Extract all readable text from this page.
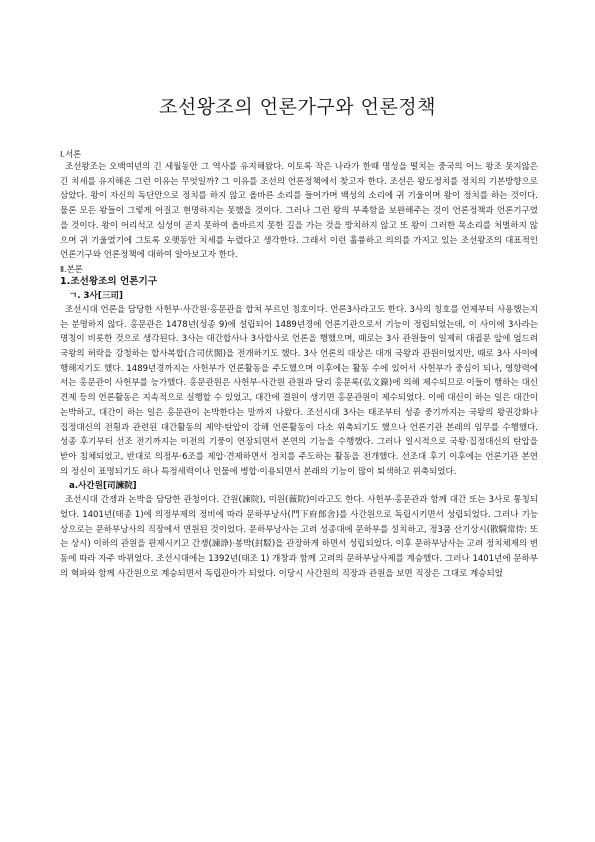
조선왕조의 언론가구와 언론정책
Ⅰ.서론
조선왕조는 오백여년의 긴 세월동안 그 역사를 유지해왔다. 이토록 작은 나라가 한때 명성을 떨치는 중국의 어느 왕조 못지않은 긴 치세를 유지해온 그런 이유는 무엇일까? 그 이유를 조선의 언론정책에서 찾고자 한다. 조선은 왕도정치를 정치의 기본방향으로 삼았다. 왕이 자신의 독단만으로 정치를 하지 않고 올바른 소리를 들어가며 백성의 소리에 귀 기울이며 왕이 정치를 하는 것이다. 물론 모든 왕들이 그렇게 어질고 현명하지는 못했을 것이다. 그러나 그런 왕의 부족함을 보완해주는 것이 언론정책과 언론기구였을 것이다. 왕이 어리석고 심성이 곧지 못하여 올바르지 못한 길을 가는 것을 방치하지 않고 또 왕이 그러한 목소리를 처벌하지 않으며 귀 기울였기에 그토록 오랫동안 치세를 누렸다고 생각한다. 그래서 이런 훌륭하고 의의를 가지고 있는 조선왕조의 대표적인 언론기구와 언론정책에 대하여 알아보고자 한다.
Ⅱ.본론
1.조선왕조의 언론기구
ㄱ. 3사[三司]
조선시대 언론을 담당한 사헌부·사간원·홍문관을 합쳐 부르던 칭호이다. 언론3사라고도 한다. 3사의 칭호를 언제부터 사용했는지는 분명하지 않다. 홍문관은 1478년(성종 9)에 설립되어 1489년경에 언론기관으로서 기능이 정립되었는데, 이 사이에 3사라는 명칭이 비롯한 것으로 생각된다. 3사는 대간합사나 3사합사로 언론을 행했으며, 때로는 3사 관원들이 일제히 대궐문 앞에 엎드려 국왕의 허락을 강청하는 합사복합(合司伏閤)을 전개하기도 했다. 3사 언론의 대상은 대개 국왕과 관원이었지만, 때로 3사 사이에 행해지기도 했다. 1489년경까지는 사헌부가 언론활동을 주도했으며 이후에는 활동 수에 있어서 사헌부가 중심이 되나, 영향력에서는 홍문관이 사헌부를 능가했다. 홍문관원은 사헌부·사간원 관원과 달리 홍문록(弘文錄)에 의해 제수되므로 이들이 행하는 대신견제 등의 언론활동은 지속적으로 실행할 수 있었고, 대간에 결원이 생기면 홍문관원이 제수되었다. 이에 대신이 하는 일은 대간이 논박하고, 대간이 하는 일은 홍문관이 논박한다는 말까지 나왔다. 조선시대 3사는 태조부터 성종 중기까지는 국왕의 왕권강화나 집정대신의 전횡과 관련된 대간활동의 제약·탄압이 강해 언론활동이 다소 위축되기도 했으나 언론기관 본래의 임무를 수행했다. 성종 후기부터 선조 전기까지는 이전의 기풍이 연장되면서 본연의 기능을 수행했다. 그러나 일시적으로 국왕·집정대신의 탄압을 받아 침체되었고, 반대로 의정부·6조를 제압·견제하면서 정치를 주도하는 활동을 전개했다. 선조대 후기 이후에는 언론기관 본연의 정신이 표명되기도 하나 특정세력이나 인물에 병합·이용되면서 본래의 기능이 많이 퇴색하고 위축되었다.
a.사간원[司諫院]
조선시대 간쟁과 논박을 담당한 관청이다. 간원(諫院), 미원(薇院)이라고도 한다. 사헌부·홍문관과 함께 대간 또는 3사로 통칭되었다. 1401년(태종 1)에 의정부제의 정비에 따라 문하부낭사(門下府郎舍)를 사간원으로 독립시키면서 성립되었다. 그러나 기능상으로는 문하부낭사의 직장에서 연원된 것이었다. 문하부낭사는 고려 성종대에 문하부를 설치하고, 정3품 산기상시(散騎常侍: 또는 상시) 이하의 관원을 편제시키고 간쟁(諫諍)·봉박(封駁)을 관장하게 하면서 성립되었다. 이후 문하부낭사는 고려 정치체제의 변동에 따라 자주 바뀌었다. 조선시대에는 1392년(태조 1) 개창과 함께 고려의 문하부낭사제를 계승했다. 그러나 1401년에 문하부의 혁파와 함께 사간원으로 계승되면서 독립관아가 되었다. 이당시 사간원의 직장과 관원을 보면 직장은 그대로 계승되었
